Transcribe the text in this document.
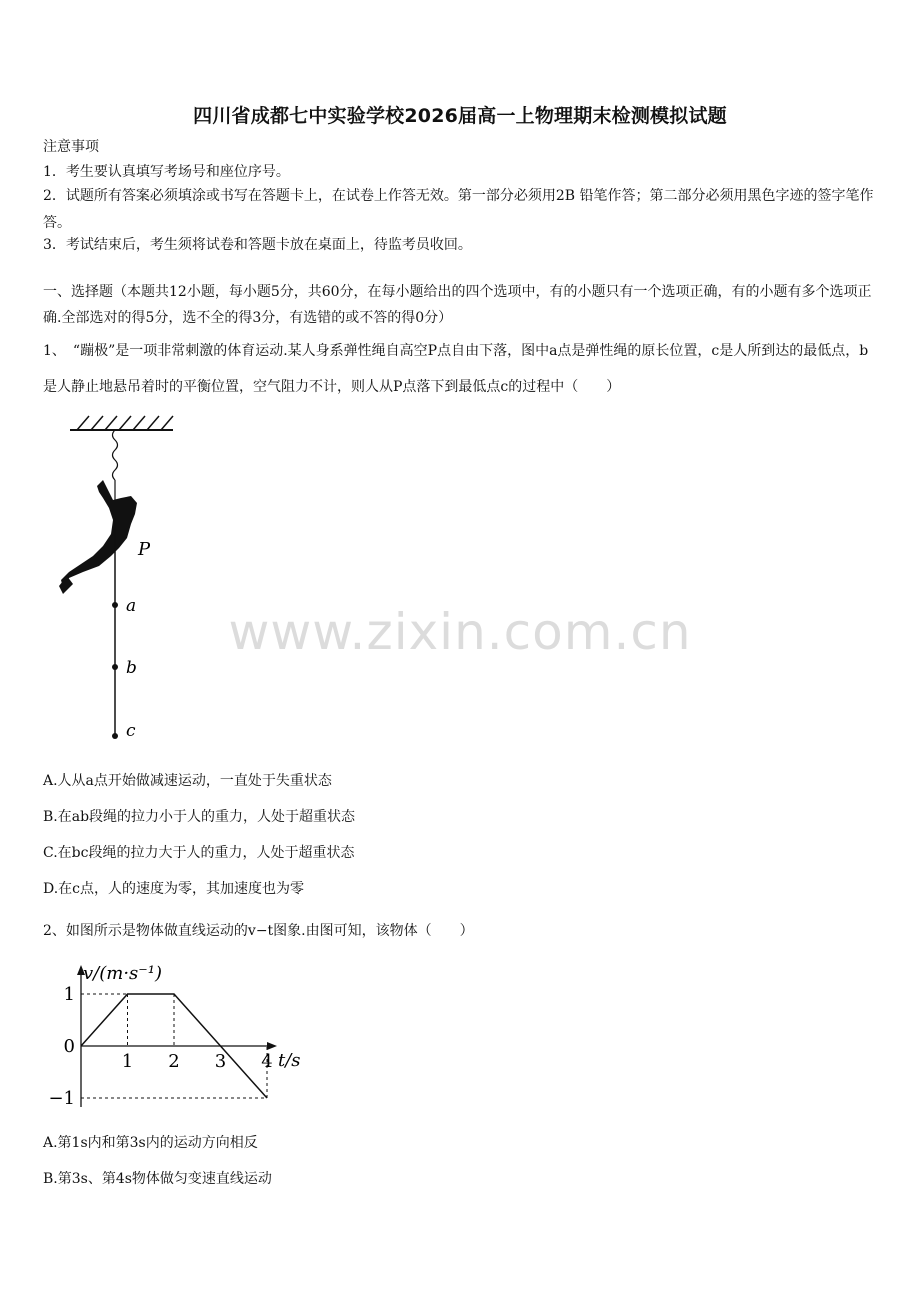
四川省成都七中实验学校2026届高一上物理期末检测模拟试题
注意事项
1．考生要认真填写考场号和座位序号。
2．试题所有答案必须填涂或书写在答题卡上，在试卷上作答无效。第一部分必须用2B 铅笔作答；第二部分必须用黑色字迹的签字笔作答。
3．考试结束后，考生须将试卷和答题卡放在桌面上，待监考员收回。
一、选择题（本题共12小题，每小题5分，共60分，在每小题给出的四个选项中，有的小题只有一个选项正确，有的小题有多个选项正确.全部选对的得5分，选不全的得3分，有选错的或不答的得0分）
1、　“蹦极”是一项非常刺激的体育运动.某人身系弹性绳自高空P点自由下落，图中a点是弹性绳的原长位置，c是人所到达的最低点，b是人静止地悬吊着时的平衡位置，空气阻力不计，则人从P点落下到最低点c的过程中（　　）
P
a
b
c
www.zixin.com.cn
A.人从a点开始做减速运动，一直处于失重状态
B.在ab段绳的拉力小于人的重力，人处于超重状态
C.在bc段绳的拉力大于人的重力，人处于超重状态
D.在c点，人的速度为零，其加速度也为零
2、如图所示是物体做直线运动的v−t图象.由图可知，该物体（　　）
v/(m·s⁻¹)
t/s
1 2 3 4
1
0
−1
A.第1s内和第3s内的运动方向相反
B.第3s、第4s物体做匀变速直线运动
